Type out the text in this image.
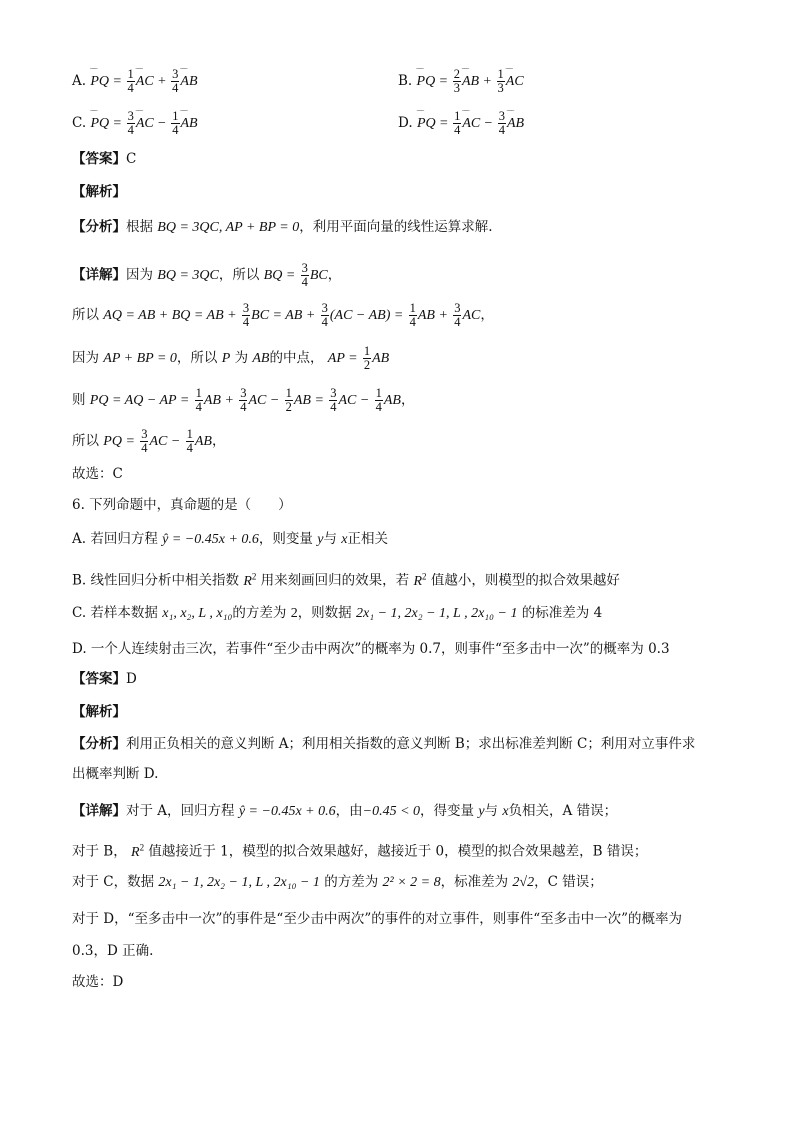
A. ‾‾‾ PQ = $\frac{1}{4}$ ‾‾‾ AC + $\frac{3}{4}$ ‾‾‾ AB	B. ‾‾‾ PQ = $\frac{2}{3}$ ‾‾‾ AB + $\frac{1}{3}$ ‾‾‾ AC
C. ‾‾‾ PQ = $\frac{3}{4}$ ‾‾‾ AC − $\frac{1}{4}$ ‾‾‾ AB	D. ‾‾‾ PQ = $\frac{1}{4}$ ‾‾‾ AC − $\frac{3}{4}$ ‾‾‾ AB
【答案】C
【解析】
【分析】根据 BQ = 3QC, AP + BP = 0，利用平面向量的线性运算求解.
【详解】因为 BQ = 3QC，所以 BQ = $\frac{3}{4}$ BC，
所以 AQ = AB + BQ = AB + $\frac{3}{4}$ BC = AB + $\frac{3}{4} (AC - AB) = \frac{1}{4}$ AB + $\frac{3}{4}$ AC，
因为 AP + BP = 0，所以 P 为 AB的中点， AP = $\frac{1}{2}$ AB
则 PQ = AQ − AP = $\frac{1}{4}$ AB + $\frac{3}{4}$ AC − $\frac{1}{2}$ AB = $\frac{3}{4}$ AC − $\frac{1}{4}$ AB，
所以 PQ = $\frac{3}{4}$ AC − $\frac{1}{4}$ AB，
故选：C
6. 下列命题中，真命题的是（　　）
A. 若回归方程 ŷ = −0.45x + 0.6，则变量 y与 x正相关
B. 线性回归分析中相关指数 $R^2$ 用来刻画回归的效果，若 $R^2$ 值越小，则模型的拟合效果越好
C. 若样本数据 x₁, x₂, L , x₁₀的方差为 2，则数据 2x₁ − 1, 2x₂ − 1, L , 2x₁₀ − 1 的标准差为 4
D. 一个人连续射击三次，若事件“至少击中两次”的概率为 0.7，则事件“至多击中一次”的概率为 0.3
【答案】D
【解析】
【分析】利用正负相关的意义判断 A；利用相关指数的意义判断 B；求出标准差判断 C；利用对立事件求
出概率判断 D.
【详解】对于 A，回归方程 ŷ = −0.45x + 0.6，由−0.45 < 0，得变量 y与 x负相关，A 错误；
对于 B， $R^2$ 值越接近于 1，模型的拟合效果越好，越接近于 0，模型的拟合效果越差，B 错误；
对于 C，数据 2x₁ − 1, 2x₂ − 1, L , 2x₁₀ − 1 的方差为 2² × 2 = 8，标准差为 2√2，C 错误；
对于 D，“至多击中一次”的事件是“至少击中两次”的事件的对立事件，则事件“至多击中一次”的概率为
0.3，D 正确.
故选：D
